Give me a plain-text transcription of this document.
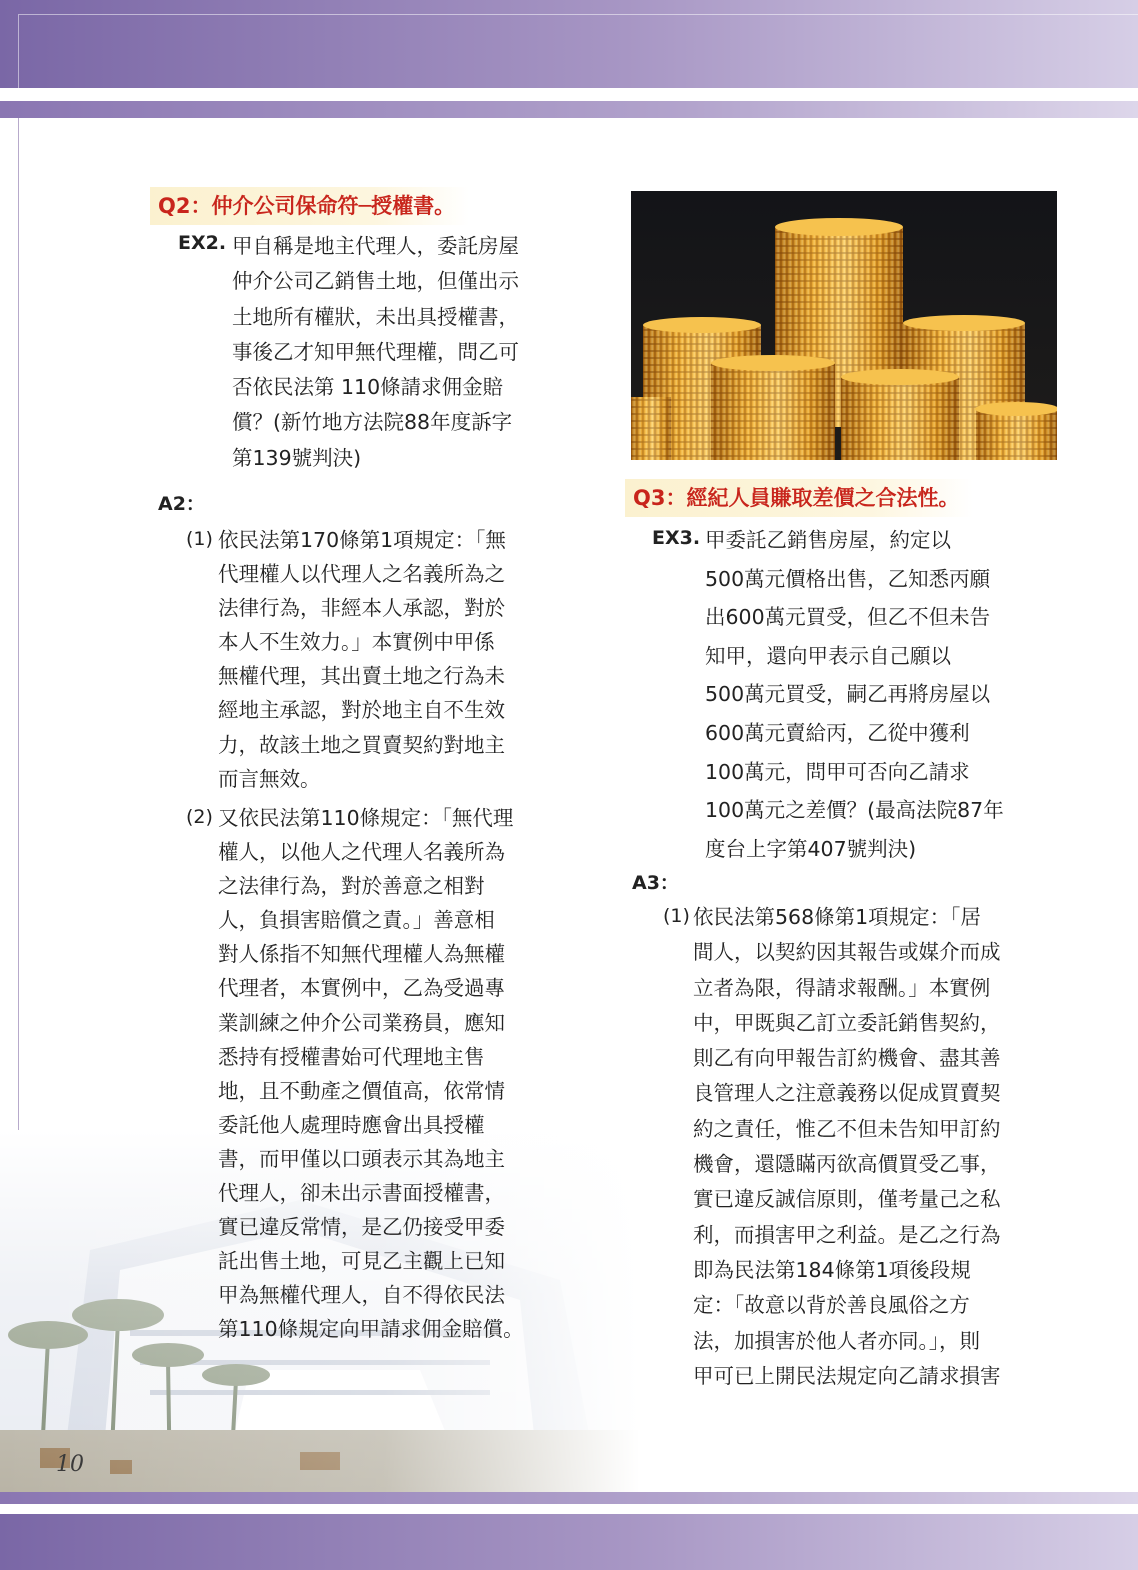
10
Q2：仲介公司保命符─授權書。
EX2. 甲自稱是地主代理人，委託房屋
仲介公司乙銷售土地，但僅出示
土地所有權狀，未出具授權書，
事後乙才知甲無代理權，問乙可
否依民法第 110條請求佣金賠
償？(新竹地方法院88年度訴字
第139號判決)
A2：
(1) 依民法第170條第1項規定：「無
代理權人以代理人之名義所為之
法律行為，非經本人承認，對於
本人不生效力。」本實例中甲係
無權代理，其出賣土地之行為未
經地主承認，對於地主自不生效
力，故該土地之買賣契約對地主
而言無效。
(2) 又依民法第110條規定：「無代理
權人，以他人之代理人名義所為
之法律行為，對於善意之相對
人，負損害賠償之責。」善意相
對人係指不知無代理權人為無權
代理者，本實例中，乙為受過專
業訓練之仲介公司業務員，應知
悉持有授權書始可代理地主售
地，且不動產之價值高，依常情
委託他人處理時應會出具授權
書，而甲僅以口頭表示其為地主
代理人，卻未出示書面授權書，
實已違反常情，是乙仍接受甲委
託出售土地，可見乙主觀上已知
甲為無權代理人，自不得依民法
第110條規定向甲請求佣金賠償。
Q3：經紀人員賺取差價之合法性。
EX3. 甲委託乙銷售房屋，約定以
500萬元價格出售，乙知悉丙願
出600萬元買受，但乙不但未告
知甲，還向甲表示自己願以
500萬元買受，嗣乙再將房屋以
600萬元賣給丙，乙從中獲利
100萬元，問甲可否向乙請求
100萬元之差價？(最高法院87年
度台上字第407號判決)
A3：
(1) 依民法第568條第1項規定：「居
間人，以契約因其報告或媒介而成
立者為限，得請求報酬。」本實例
中，甲既與乙訂立委託銷售契約，
則乙有向甲報告訂約機會、盡其善
良管理人之注意義務以促成買賣契
約之責任，惟乙不但未告知甲訂約
機會，還隱瞞丙欲高價買受乙事，
實已違反誠信原則，僅考量己之私
利，而損害甲之利益。是乙之行為
即為民法第184條第1項後段規
定：「故意以背於善良風俗之方
法，加損害於他人者亦同。」，則
甲可已上開民法規定向乙請求損害
